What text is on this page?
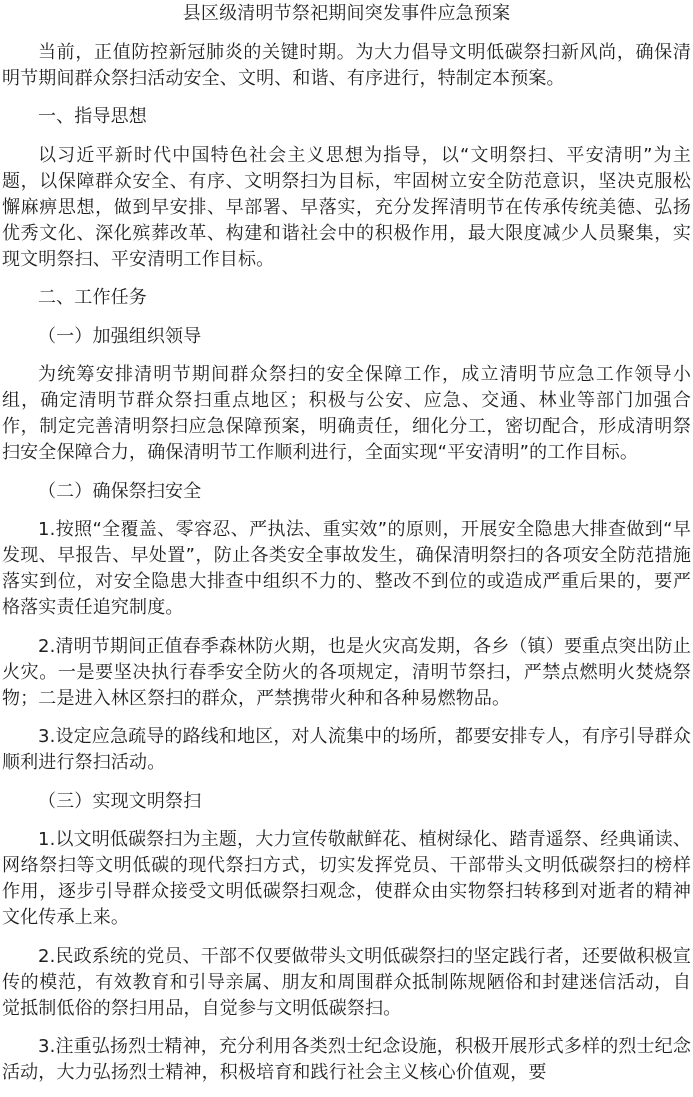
县区级清明节祭祀期间突发事件应急预案

当前，正值防控新冠肺炎的关键时期。为大力倡导文明低碳祭扫新风尚，确保清明节期间群众祭扫活动安全、文明、和谐、有序进行，特制定本预案。

一、指导思想

以习近平新时代中国特色社会主义思想为指导，以“文明祭扫、平安清明”为主题，以保障群众安全、有序、文明祭扫为目标，牢固树立安全防范意识，坚决克服松懈麻痹思想，做到早安排、早部署、早落实，充分发挥清明节在传承传统美德、弘扬优秀文化、深化殡葬改革、构建和谐社会中的积极作用，最大限度减少人员聚集，实现文明祭扫、平安清明工作目标。

二、工作任务

（一）加强组织领导

为统筹安排清明节期间群众祭扫的安全保障工作，成立清明节应急工作领导小组，确定清明节群众祭扫重点地区；积极与公安、应急、交通、林业等部门加强合作，制定完善清明祭扫应急保障预案，明确责任，细化分工，密切配合，形成清明祭扫安全保障合力，确保清明节工作顺利进行，全面实现“平安清明”的工作目标。

（二）确保祭扫安全

1.按照“全覆盖、零容忍、严执法、重实效”的原则，开展安全隐患大排查做到“早发现、早报告、早处置”，防止各类安全事故发生，确保清明祭扫的各项安全防范措施落实到位，对安全隐患大排查中组织不力的、整改不到位的或造成严重后果的，要严格落实责任追究制度。

2.清明节期间正值春季森林防火期，也是火灾高发期，各乡（镇）要重点突出防止火灾。一是要坚决执行春季安全防火的各项规定，清明节祭扫，严禁点燃明火焚烧祭物；二是进入林区祭扫的群众，严禁携带火种和各种易燃物品。

3.设定应急疏导的路线和地区，对人流集中的场所，都要安排专人，有序引导群众顺利进行祭扫活动。

（三）实现文明祭扫

1.以文明低碳祭扫为主题，大力宣传敬献鲜花、植树绿化、踏青遥祭、经典诵读、网络祭扫等文明低碳的现代祭扫方式，切实发挥党员、干部带头文明低碳祭扫的榜样作用，逐步引导群众接受文明低碳祭扫观念，使群众由实物祭扫转移到对逝者的精神文化传承上来。

2.民政系统的党员、干部不仅要做带头文明低碳祭扫的坚定践行者，还要做积极宣传的模范，有效教育和引导亲属、朋友和周围群众抵制陈规陋俗和封建迷信活动，自觉抵制低俗的祭扫用品，自觉参与文明低碳祭扫。

3.注重弘扬烈士精神，充分利用各类烈士纪念设施，积极开展形式多样的烈士纪念活动，大力弘扬烈士精神，积极培育和践行社会主义核心价值观，要
